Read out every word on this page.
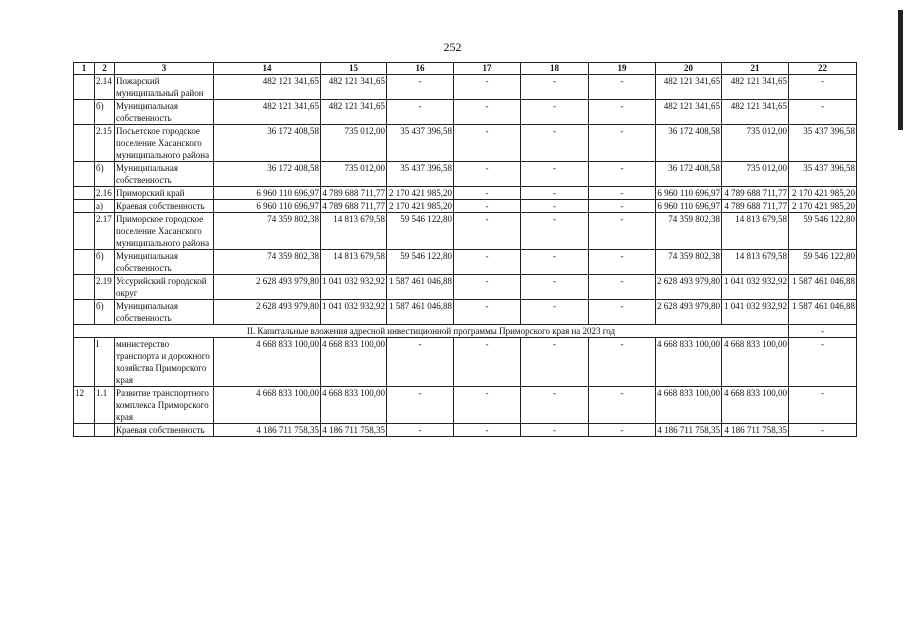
252
1	2	3	14	15	16	17	18	19	20	21	22
	2.14	Пожарский муниципальный район	482 121 341,65	482 121 341,65	-	-	-	-	482 121 341,65	482 121 341,65	-
	б)	Муниципальная собственность	482 121 341,65	482 121 341,65	-	-	-	-	482 121 341,65	482 121 341,65	-
	2.15	Посьетское городское поселение Хасанского муниципального района	36 172 408,58	735 012,00	35 437 396,58	-	-	-	36 172 408,58	735 012,00	35 437 396,58
	б)	Муниципальная собственность	36 172 408,58	735 012,00	35 437 396,58	-	-	-	36 172 408,58	735 012,00	35 437 396,58
	2.16	Приморский край	6 960 110 696,97	4 789 688 711,77	2 170 421 985,20	-	-	-	6 960 110 696,97	4 789 688 711,77	2 170 421 985,20
	а)	Краевая собственность	6 960 110 696,97	4 789 688 711,77	2 170 421 985,20	-	-	-	6 960 110 696,97	4 789 688 711,77	2 170 421 985,20
	2.17	Приморское городское поселение Хасанского муниципального района	74 359 802,38	14 813 679,58	59 546 122,80	-	-	-	74 359 802,38	14 813 679,58	59 546 122,80
	б)	Муниципальная собственность	74 359 802,38	14 813 679,58	59 546 122,80	-	-	-	74 359 802,38	14 813 679,58	59 546 122,80
	2.19	Уссурийский городской округ	2 628 493 979,80	1 041 032 932,92	1 587 461 046,88	-	-	-	2 628 493 979,80	1 041 032 932,92	1 587 461 046,88
	б)	Муниципальная собственность	2 628 493 979,80	1 041 032 932,92	1 587 461 046,88	-	-	-	2 628 493 979,80	1 041 032 932,92	1 587 461 046,88
II. Капитальные вложения адресной инвестиционной программы Приморского края на 2023 год											-
	I	министерство транспорта и дорожного хозяйства Приморского края	4 668 833 100,00	4 668 833 100,00	-	-	-	-	4 668 833 100,00	4 668 833 100,00	-
12	1.1	Развитие транспортного комплекса Приморского края	4 668 833 100,00	4 668 833 100,00	-	-	-	-	4 668 833 100,00	4 668 833 100,00	-
		Краевая собственность	4 186 711 758,35	4 186 711 758,35	-	-	-	-	4 186 711 758,35	4 186 711 758,35	-
